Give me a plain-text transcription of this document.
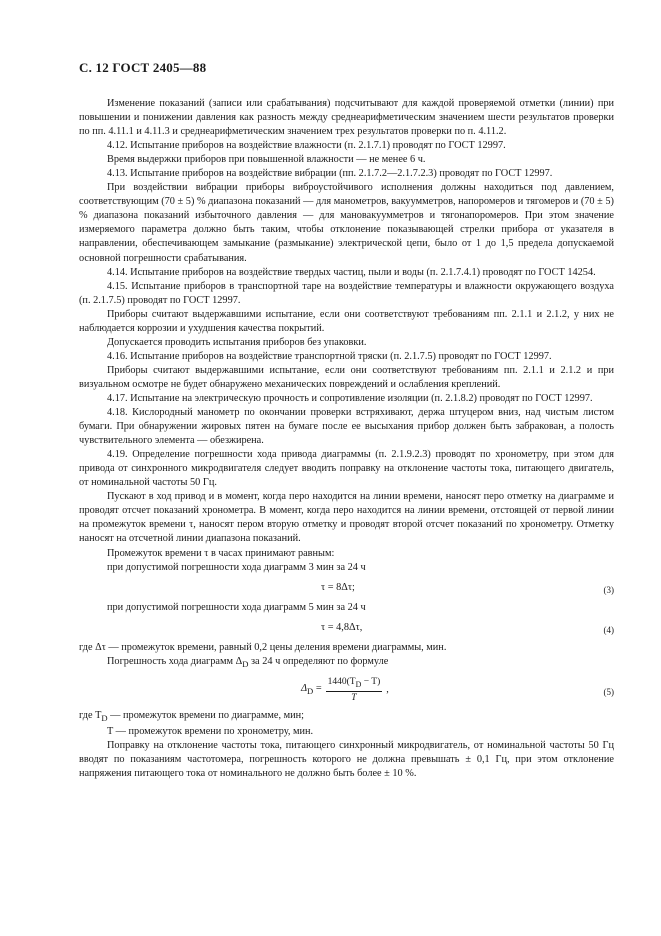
С. 12 ГОСТ 2405—88

Изменение показаний (записи или срабатывания) подсчитывают для каждой проверяемой отметки (линии) при повышении и понижении давления как разность между среднеарифметическим значением шести результатов проверки по пп. 4.11.1 и 4.11.3 и среднеарифметическим значением трех результатов проверки по п. 4.11.2.

4.12. Испытание приборов на воздействие влажности (п. 2.1.7.1) проводят по ГОСТ 12997.

Время выдержки приборов при повышенной влажности — не менее 6 ч.

4.13. Испытание приборов на воздействие вибрации (пп. 2.1.7.2—2.1.7.2.3) проводят по ГОСТ 12997.

При воздействии вибрации приборы виброустойчивого исполнения должны находиться под давлением, соответствующим (70 ± 5) % диапазона показаний — для манометров, вакуумметров, напоромеров и тягомеров и (70 ± 5) % диапазона показаний избыточного давления — для мановакуумметров и тягонапоромеров. При этом значение измеряемого параметра должно быть таким, чтобы отклонение показывающей стрелки прибора от указателя в направлении, обеспечивающем замыкание (размыкание) электрической цепи, было от 1 до 1,5 предела допускаемой основной погрешности срабатывания.

4.14. Испытание приборов на воздействие твердых частиц, пыли и воды (п. 2.1.7.4.1) проводят по ГОСТ 14254.

4.15. Испытание приборов в транспортной таре на воздействие температуры и влажности окружающего воздуха (п. 2.1.7.5) проводят по ГОСТ 12997.

Приборы считают выдержавшими испытание, если они соответствуют требованиям пп. 2.1.1 и 2.1.2, у них не наблюдается коррозии и ухудшения качества покрытий.

Допускается проводить испытания приборов без упаковки.

4.16. Испытание приборов на воздействие транспортной тряски (п. 2.1.7.5) проводят по ГОСТ 12997.

Приборы считают выдержавшими испытание, если они соответствуют требованиям пп. 2.1.1 и 2.1.2 и при визуальном осмотре не будет обнаружено механических повреждений и ослабления креплений.

4.17. Испытание на электрическую прочность и сопротивление изоляции (п. 2.1.8.2) проводят по ГОСТ 12997.

4.18. Кислородный манометр по окончании проверки встряхивают, держа штуцером вниз, над чистым листом бумаги. При обнаружении жировых пятен на бумаге после ее высыхания прибор должен быть забракован, а полость чувствительного элемента — обезжирена.

4.19. Определение погрешности хода привода диаграммы (п. 2.1.9.2.3) проводят по хронометру, при этом для привода от синхронного микродвигателя следует вводить поправку на отклонение частоты тока, питающего двигатель, от номинальной частоты 50 Гц.

Пускают в ход привод и в момент, когда перо находится на линии времени, наносят перо отметку на диаграмме и проводят отсчет показаний хронометра. В момент, когда перо находится на линии времени, отстоящей от первой линии на промежуток времени τ, наносят пером вторую отметку и проводят второй отсчет показаний по хронометру. Отметку наносят на отсчетной линии диапазона показаний.

Промежуток времени τ в часах принимают равным:

при допустимой погрешности хода диаграмм 3 мин за 24 ч

τ = 8Δτ;	(3)

при допустимой погрешности хода диаграмм 5 мин за 24 ч

τ = 4,8Δτ,	(4)

где Δτ — промежуток времени, равный 0,2 цены деления времени диаграммы, мин.

Погрешность хода диаграмм $\Delta_D$ за 24 ч определяют по формуле

$\Delta_D = \frac{1440(T_D - T)}{T}$ ,	(5)

где $T_D$ — промежуток времени по диаграмме, мин;

T — промежуток времени по хронометру, мин.

Поправку на отклонение частоты тока, питающего синхронный микродвигатель, от номинальной частоты 50 Гц вводят по показаниям частотомера, погрешность которого не должна превышать ± 0,1 Гц, при этом отклонение напряжения питающего тока от номинального не должно быть более ± 10 %.
